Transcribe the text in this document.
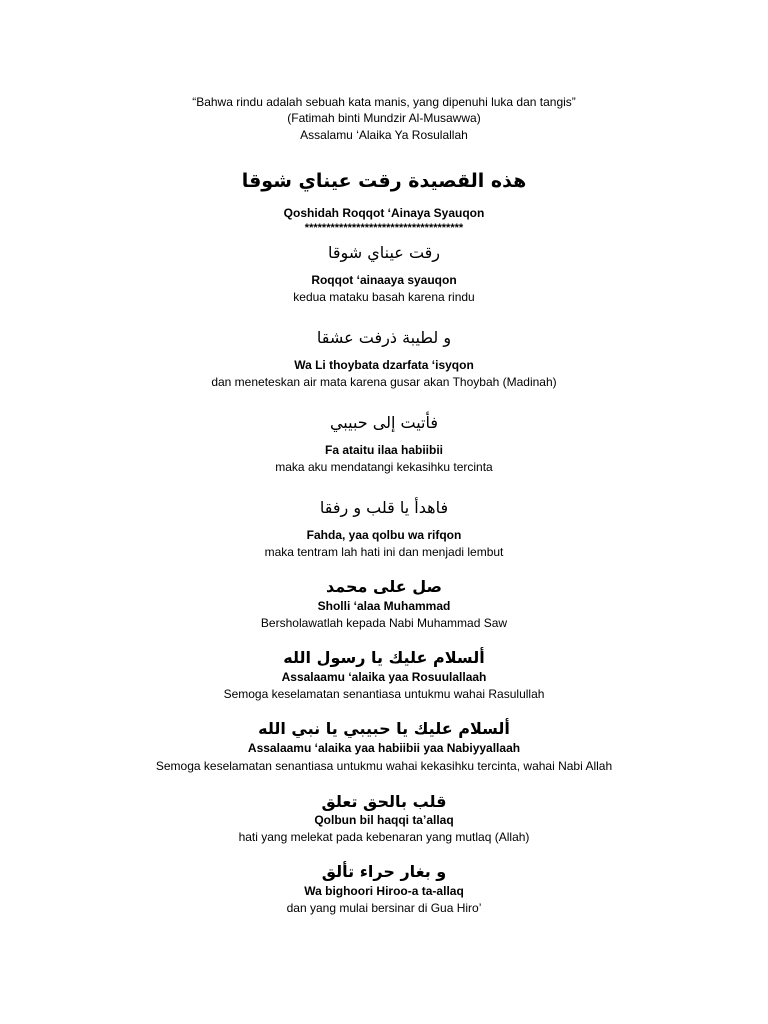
“Bahwa rindu adalah sebuah kata manis, yang dipenuhi luka dan tangis”
(Fatimah binti Mundzir Al-Musawwa)
Assalamu ‘Alaika Ya Rosulallah
هذه القصيدة رقت عيناي شوقا
Qoshidah Roqqot ‘Ainaya Syauqon
*************************************
رقت عيناي شوقا
Roqqot ‘ainaaya syauqon
kedua mataku basah karena rindu
و لطيبة ذرفت عشقا
Wa Li thoybata dzarfata ‘isyqon
dan meneteskan air mata karena gusar akan Thoybah (Madinah)
فأتيت إلى حبيبي
Fa ataitu ilaa habiibii
maka aku mendatangi kekasihku tercinta
فاهدأ يا قلب و رفقا
Fahda, yaa qolbu wa rifqon
maka tentram lah hati ini dan menjadi lembut
صل على محمد
Sholli ‘alaa Muhammad
Bersholawatlah kepada Nabi Muhammad Saw
ألسلام عليك يا رسول الله
Assalaamu ‘alaika yaa Rosuulallaah
Semoga keselamatan senantiasa untukmu wahai Rasulullah
ألسلام عليك يا حبيبي يا نبي الله
Assalaamu ‘alaika yaa habiibii yaa Nabiyyallaah
Semoga keselamatan senantiasa untukmu wahai kekasihku tercinta, wahai Nabi Allah
قلب بالحق تعلق
Qolbun bil haqqi ta’allaq
hati yang melekat pada kebenaran yang mutlaq (Allah)
و بغار حراء تألق
Wa bighoori Hiroo-a ta-allaq
dan yang mulai bersinar di Gua Hiro’
